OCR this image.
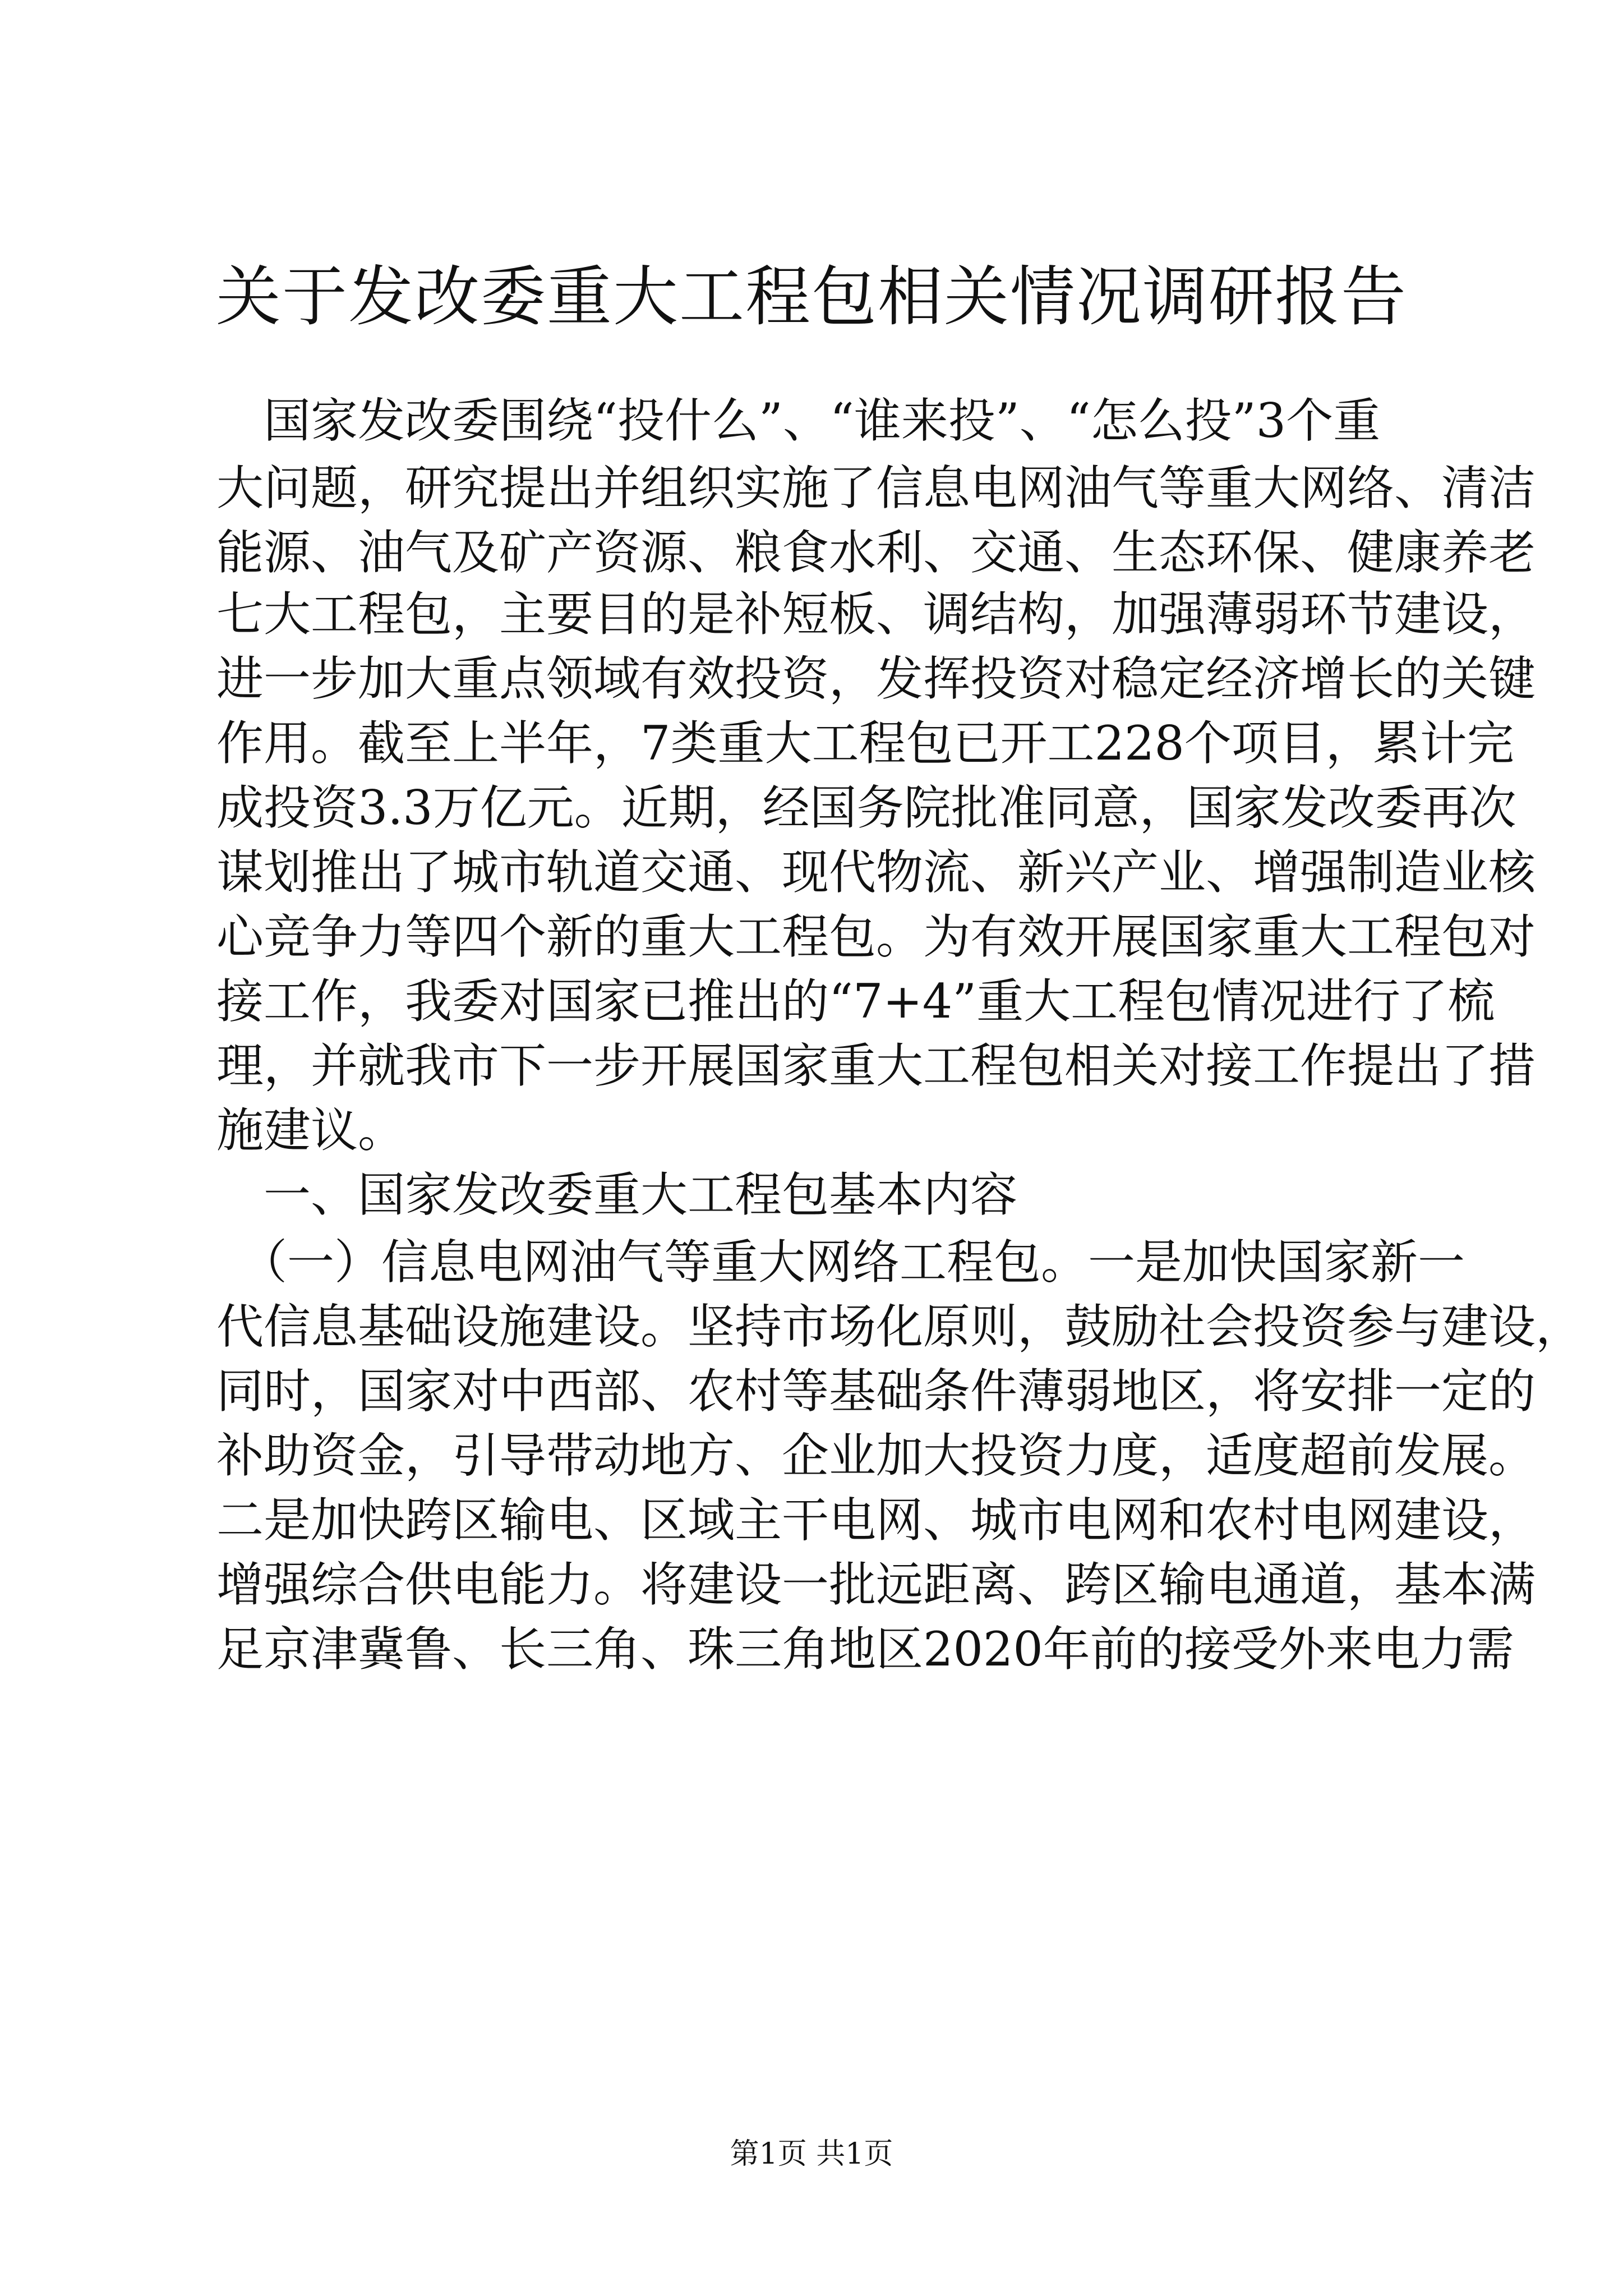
关于发改委重大工程包相关情况调研报告
　国家发改委围绕“投什么”、“谁来投”、“怎么投”3个重
大问题，研究提出并组织实施了信息电网油气等重大网络、清洁
能源、油气及矿产资源、粮食水利、交通、生态环保、健康养老
七大工程包，主要目的是补短板、调结构，加强薄弱环节建设，
进一步加大重点领域有效投资，发挥投资对稳定经济增长的关键
作用。截至上半年，7类重大工程包已开工228个项目，累计完
成投资3.3万亿元。近期，经国务院批准同意，国家发改委再次
谋划推出了城市轨道交通、现代物流、新兴产业、增强制造业核
心竞争力等四个新的重大工程包。为有效开展国家重大工程包对
接工作，我委对国家已推出的“7+4”重大工程包情况进行了梳
理，并就我市下一步开展国家重大工程包相关对接工作提出了措
施建议。
　一、国家发改委重大工程包基本内容
　（一）信息电网油气等重大网络工程包。一是加快国家新一
代信息基础设施建设。坚持市场化原则，鼓励社会投资参与建设，
同时，国家对中西部、农村等基础条件薄弱地区，将安排一定的
补助资金，引导带动地方、企业加大投资力度，适度超前发展。
二是加快跨区输电、区域主干电网、城市电网和农村电网建设，
增强综合供电能力。将建设一批远距离、跨区输电通道，基本满
足京津冀鲁、长三角、珠三角地区2020年前的接受外来电力需
第1页 共1页
